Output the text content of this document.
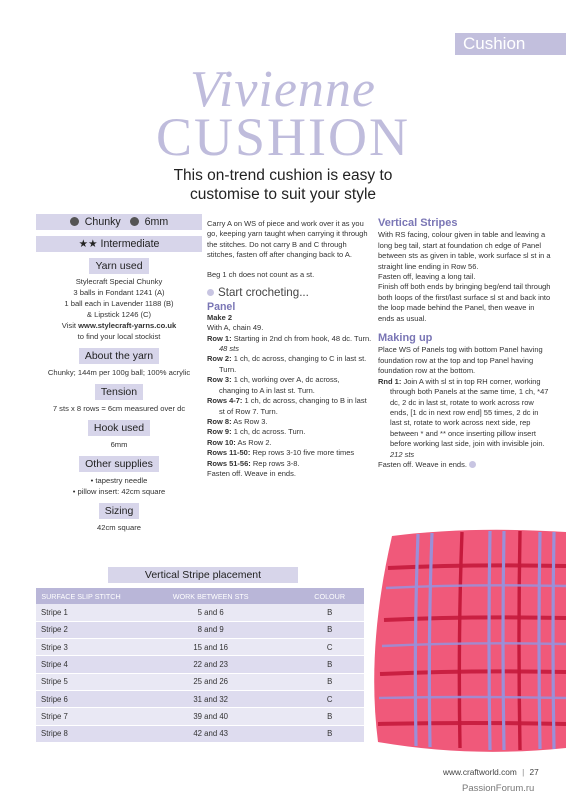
Cushion
Vivienne
CUSHION
This on-trend cushion is easy to
customise to suit your style
Chunky 6mm
★★ Intermediate
Yarn used
Stylecraft Special Chunky
3 balls in Fondant 1241 (A)
1 ball each in Lavender 1188 (B)
& Lipstick 1246 (C)
Visit www.stylecraft-yarns.co.uk
to find your local stockist
About the yarn
Chunky; 144m per 100g ball; 100% acrylic
Tension
7 sts x 8 rows = 6cm measured over dc
Hook used
6mm
Other supplies
• tapestry needle
• pillow insert: 42cm square
Sizing
42cm square

Carry A on WS of piece and work over it as you go, keeping yarn taught when carrying it through the stitches. Do not carry B and C through stitches, fasten off after changing back to A.

Beg 1 ch does not count as a st.

Start crocheting...
Panel
Make 2
With A, chain 49.
Row 1: Starting in 2nd ch from hook, 48 dc. Turn. 48 sts
Row 2: 1 ch, dc across, changing to C in last st. Turn.
Row 3: 1 ch, working over A, dc across, changing to A in last st. Turn.
Rows 4-7: 1 ch, dc across, changing to B in last st of Row 7. Turn.
Row 8: As Row 3.
Row 9: 1 ch, dc across. Turn.
Row 10: As Row 2.
Rows 11-50: Rep rows 3-10 five more times
Rows 51-56: Rep rows 3-8.
Fasten off. Weave in ends.
Vertical Stripes

With RS facing, colour given in table and leaving a long beg tail, start at foundation ch edge of Panel between sts as given in table, work surface sl st in a straight line ending in Row 56.

Fasten off, leaving a long tail.

Finish off both ends by bringing beg/end tail through both loops of the first/last surface sl st and back into the loop made behind the Panel, then weave in ends as usual.

Making up

Place WS of Panels tog with bottom Panel having foundation row at the top and top Panel having foundation row at the bottom.

Rnd 1: Join A with sl st in top RH corner, working through both Panels at the same time, 1 ch, *47 dc, 2 dc in last st, rotate to work across row ends, [1 dc in next row end] 55 times, 2 dc in last st, rotate to work across next side, rep between * and ** once inserting pillow insert before working last side, join with invisible join. 212 sts

Fasten off. Weave in ends.

Vertical Stripe placement
SURFACE SLIP STITCH	WORK BETWEEN STS	COLOUR
Stripe 1	5 and 6	B
Stripe 2	8 and 9	B
Stripe 3	15 and 16	C
Stripe 4	22 and 23	B
Stripe 5	25 and 26	B
Stripe 6	31 and 32	C
Stripe 7	39 and 40	B
Stripe 8	42 and 43	B
www.craftworld.com | 27
PassionForum.ru
